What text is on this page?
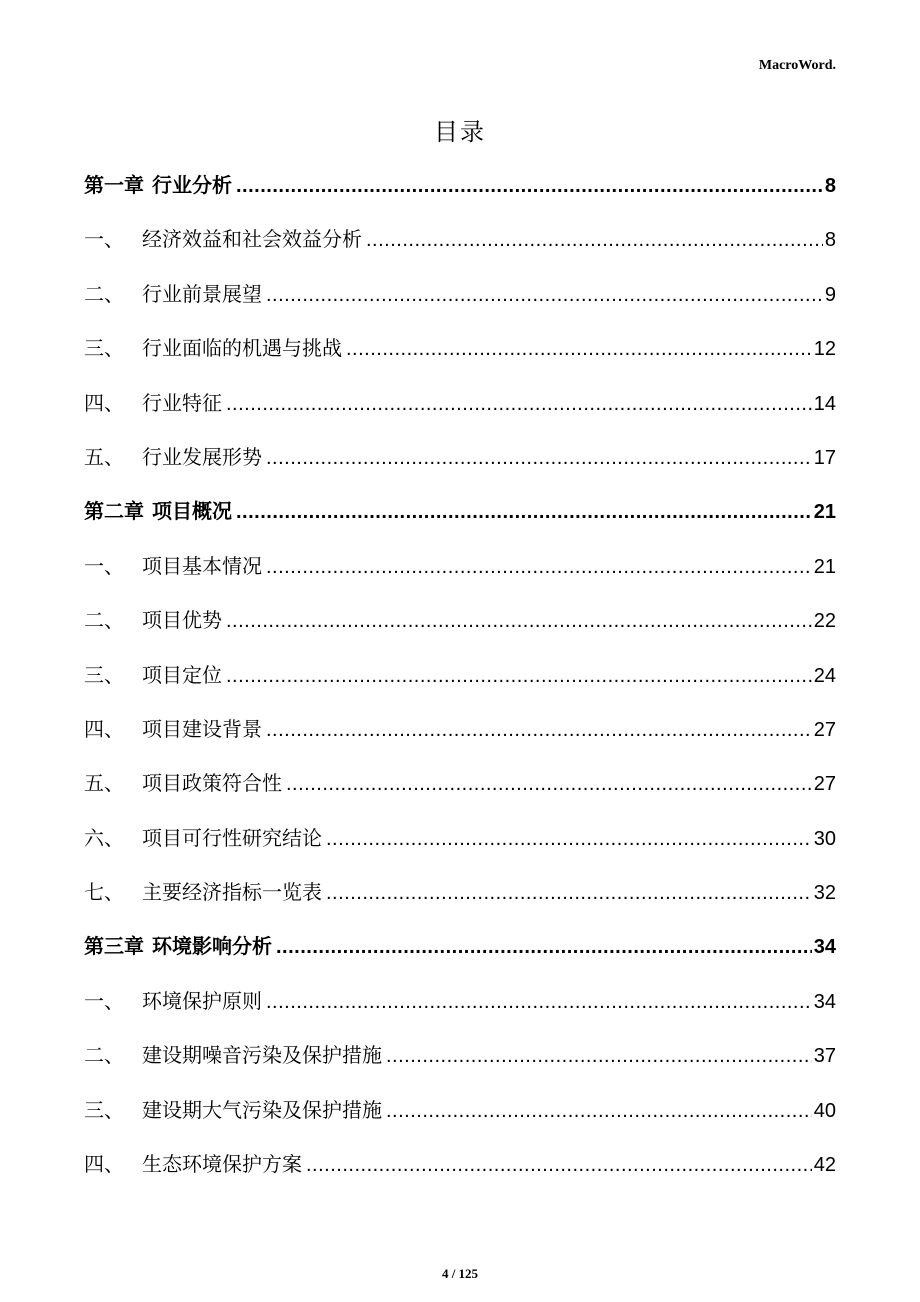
MacroWord.
目录
第一章 行业分析 .....	8
一、 经济效益和社会效益分析 .....	8
二、 行业前景展望 .....	9
三、 行业面临的机遇与挑战 .....	12
四、 行业特征 .....	14
五、 行业发展形势 .....	17
第二章 项目概况 .....	21
一、 项目基本情况 .....	21
二、 项目优势 .....	22
三、 项目定位 .....	24
四、 项目建设背景 .....	27
五、 项目政策符合性 .....	27
六、 项目可行性研究结论 .....	30
七、 主要经济指标一览表 .....	32
第三章 环境影响分析 .....	34
一、 环境保护原则 .....	34
二、 建设期噪音污染及保护措施 .....	37
三、 建设期大气污染及保护措施 .....	40
四、 生态环境保护方案 .....	42
4 / 125
